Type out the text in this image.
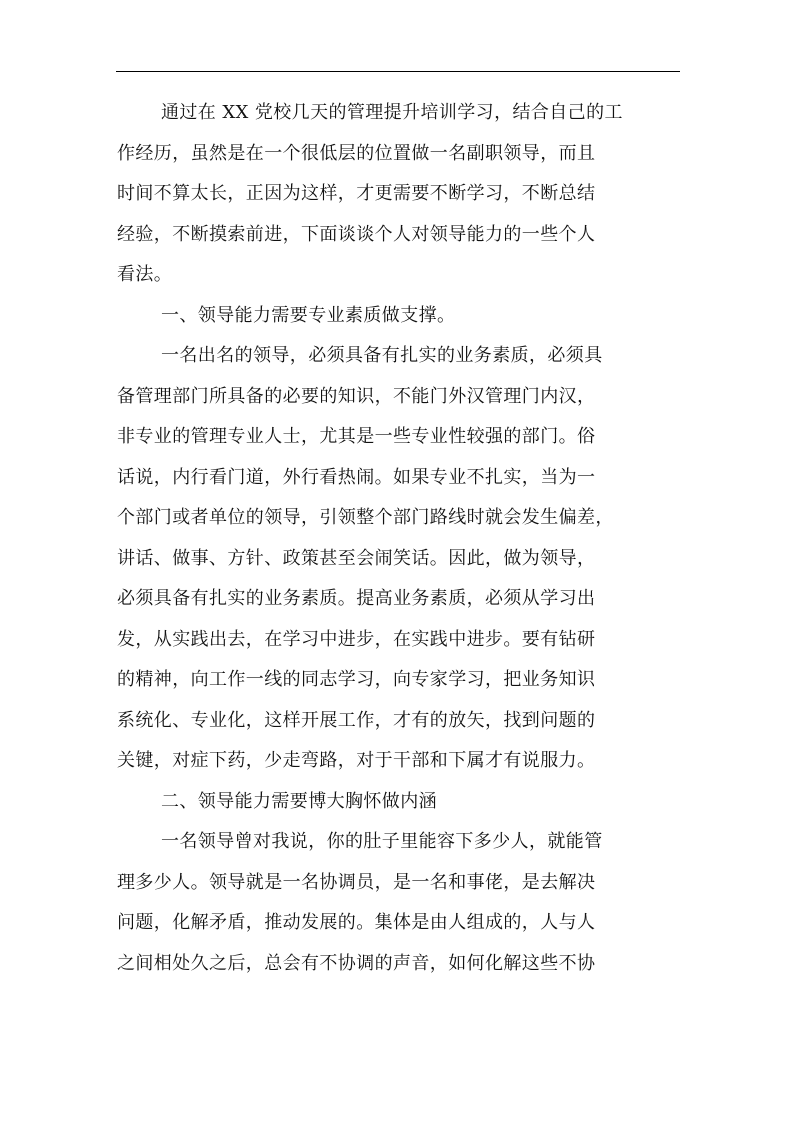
通过在 XX 党校几天的管理提升培训学习，结合自己的工
作经历，虽然是在一个很低层的位置做一名副职领导，而且
时间不算太长，正因为这样，才更需要不断学习，不断总结
经验，不断摸索前进，下面谈谈个人对领导能力的一些个人
看法。
一、领导能力需要专业素质做支撑。
一名出名的领导，必须具备有扎实的业务素质，必须具
备管理部门所具备的必要的知识，不能门外汉管理门内汉，
非专业的管理专业人士，尤其是一些专业性较强的部门。俗
话说，内行看门道，外行看热闹。如果专业不扎实，当为一
个部门或者单位的领导，引领整个部门路线时就会发生偏差，
讲话、做事、方针、政策甚至会闹笑话。因此，做为领导，
必须具备有扎实的业务素质。提高业务素质，必须从学习出
发，从实践出去，在学习中进步，在实践中进步。要有钻研
的精神，向工作一线的同志学习，向专家学习，把业务知识
系统化、专业化，这样开展工作，才有的放矢，找到问题的
关键，对症下药，少走弯路，对于干部和下属才有说服力。
二、领导能力需要博大胸怀做内涵
一名领导曾对我说，你的肚子里能容下多少人，就能管
理多少人。领导就是一名协调员，是一名和事佬，是去解决
问题，化解矛盾，推动发展的。集体是由人组成的，人与人
之间相处久之后，总会有不协调的声音，如何化解这些不协
